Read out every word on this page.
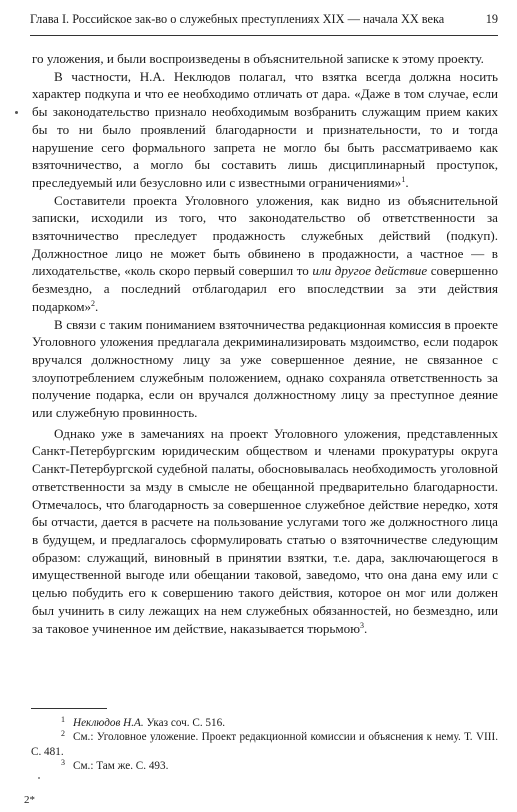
Глава I. Российское зак-во о служебных преступлениях XIX — начала XX века	19

го уложения, и были воспроизведены в объяснительной записке к этому проекту.

В частности, Н.А. Неклюдов полагал, что взятка всегда должна носить характер подкупа и что ее необходимо отличать от дара. «Даже в том случае, если бы законодательство признало необходимым возбранить служащим прием каких бы то ни было проявлений благодарности и признательности, то и тогда нарушение сего формального запрета не могло бы быть рассматриваемо как взяточничество, а могло бы составить лишь дисциплинарный проступок, преследуемый или безусловно или с известными ограничениями»$^1$.

Составители проекта Уголовного уложения, как видно из объяснительной записки, исходили из того, что законодательство об ответственности за взяточничество преследует продажность служебных действий (подкуп). Должностное лицо не может быть обвинено в продажности, а частное — в лиходательстве, «коль скоро первый совершил то или другое действие совершенно безмездно, а последний отблагодарил его впоследствии за эти действия подарком»$^2$.

В связи с таким пониманием взяточничества редакционная комиссия в проекте Уголовного уложения предлагала декриминализировать мздоимство, если подарок вручался должностному лицу за уже совершенное деяние, не связанное с злоупотреблением служебным положением, однако сохраняла ответственность за получение подарка, если он вручался должностному лицу за преступное деяние или служебную провинность.

Однако уже в замечаниях на проект Уголовного уложения, представленных Санкт-Петербургским юридическим обществом и членами прокуратуры округа Санкт-Петербургской судебной палаты, обосновывалась необходимость уголовной ответственности за мзду в смысле не обещанной предварительно благодарности. Отмечалось, что благодарность за совершенное служебное действие нередко, хотя бы отчасти, дается в расчете на пользование услугами того же должностного лица в будущем, и предлагалось сформулировать статью о взяточничестве следующим образом: служащий, виновный в принятии взятки, т.е. дара, заключающегося в имущественной выгоде или обещании таковой, заведомо, что она дана ему или с целью побудить его к совершению такого действия, которое он мог или должен был учинить в силу лежащих на нем служебных обязанностей, но безмездно, или за таковое учиненное им действие, наказывается тюрьмою$^3$.

$^1$ Неклюдов Н.А. Указ соч. С. 516.

$^2$ См.: Уголовное уложение. Проект редакционной комиссии и объяснения к нему. Т. VIII. С. 481.

$^3$ См.: Там же. С. 493.

2*
